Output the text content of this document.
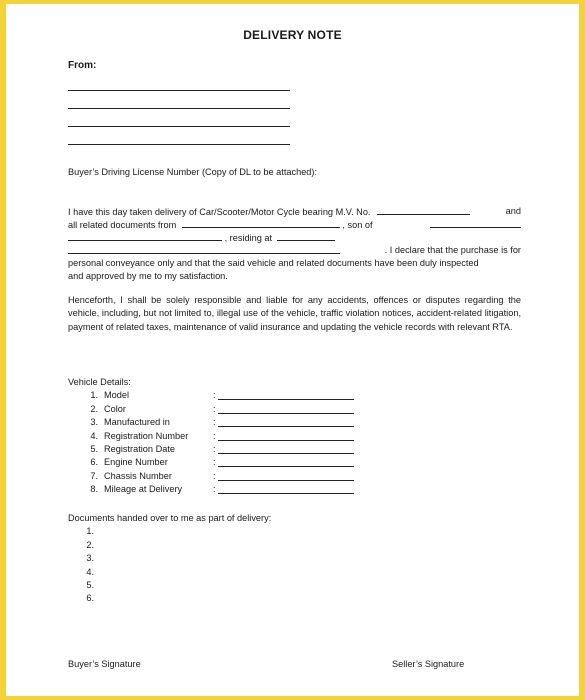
DELIVERY NOTE
From:
Buyer’s Driving License Number (Copy of DL to be attached):
I have this day taken delivery of Car/Scooter/Motor Cycle bearing M.V. No.	and
all related documents from	, son of
, residing at
. I declare that the purchase is for
personal conveyance only and that the said vehicle and related documents have been duly inspected
and approved by me to my satisfaction.
Henceforth, I shall be solely responsible and liable for any accidents, offences or disputes regarding the vehicle, including, but not limited to, illegal use of the vehicle, traffic violation notices, accident-related litigation, payment of related taxes, maintenance of valid insurance and updating the vehicle records with relevant RTA.
Vehicle Details:
1. Model	:
2. Color	:
3. Manufactured in	:
4. Registration Number	:
5. Registration Date	:
6. Engine Number	:
7. Chassis Number	:
8. Mileage at Delivery	:
Documents handed over to me as part of delivery:
1.
2.
3.
4.
5.
6.
Buyer’s Signature	Seller’s Signature
